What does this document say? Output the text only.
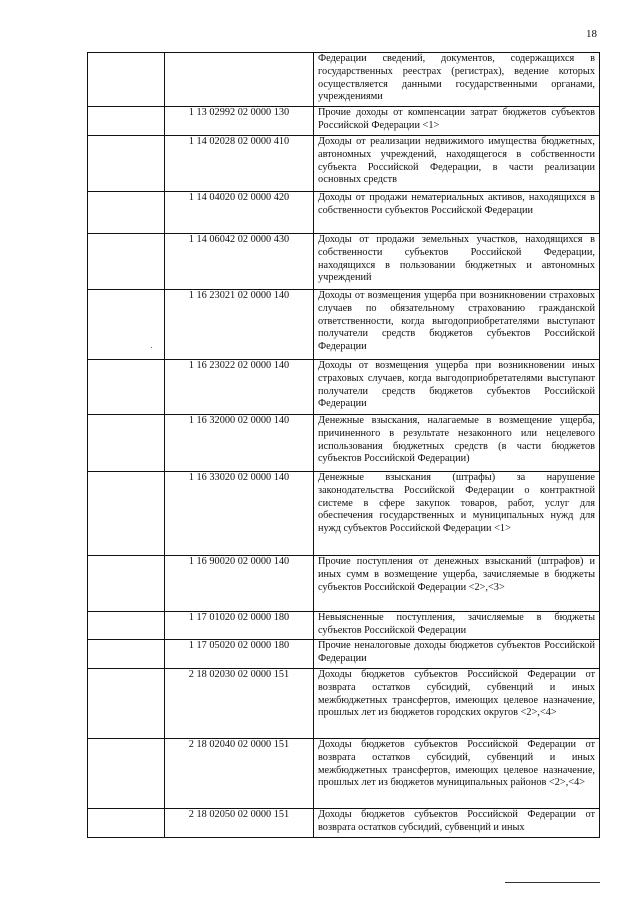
18
		Федерации сведений, документов, содержащихся в государственных реестрах (регистрах), ведение которых осуществляется данными государственными органами, учреждениями
	1 13 02992 02 0000 130	Прочие доходы от компенсации затрат бюджетов субъектов Российской Федерации <1>
	1 14 02028 02 0000 410	Доходы от реализации недвижимого имущества бюджетных, автономных учреждений, находящегося в собственности субъекта Российской Федерации, в части реализации основных средств
	1 14 04020 02 0000 420	Доходы от продажи нематериальных активов, находящихся в собственности субъектов Российской Федерации
	1 14 06042 02 0000 430	Доходы от продажи земельных участков, находящихся в собственности субъектов Российской Федерации, находящихся в пользовании бюджетных и автономных учреждений
	1 16 23021 02 0000 140	Доходы от возмещения ущерба при возникновении страховых случаев по обязательному страхованию гражданской ответственности, когда выгодоприобретателями выступают получатели средств бюджетов субъектов Российской Федерации
	1 16 23022 02 0000 140	Доходы от возмещения ущерба при возникновении иных страховых случаев, когда выгодоприобретателями выступают получатели средств бюджетов субъектов Российской Федерации
	1 16 32000 02 0000 140	Денежные взыскания, налагаемые в возмещение ущерба, причиненного в результате незаконного или нецелевого использования бюджетных средств (в части бюджетов субъектов Российской Федерации)
	1 16 33020 02 0000 140	Денежные взыскания (штрафы) за нарушение законодательства Российской Федерации о контрактной системе в сфере закупок товаров, работ, услуг для обеспечения государственных и муниципальных нужд для нужд субъектов Российской Федерации <1>
	1 16 90020 02 0000 140	Прочие поступления от денежных взысканий (штрафов) и иных сумм в возмещение ущерба, зачисляемые в бюджеты субъектов Российской Федерации <2>,<3>
	1 17 01020 02 0000 180	Невыясненные поступления, зачисляемые в бюджеты субъектов Российской Федерации
	1 17 05020 02 0000 180	Прочие неналоговые доходы бюджетов субъектов Российской Федерации
	2 18 02030 02 0000 151	Доходы бюджетов субъектов Российской Федерации от возврата остатков субсидий, субвенций и иных межбюджетных трансфертов, имеющих целевое назначение, прошлых лет из бюджетов городских округов <2>,<4>
	2 18 02040 02 0000 151	Доходы бюджетов субъектов Российской Федерации от возврата остатков субсидий, субвенций и иных межбюджетных трансфертов, имеющих целевое назначение, прошлых лет из бюджетов муниципальных районов <2>,<4>
	2 18 02050 02 0000 151	Доходы бюджетов субъектов Российской Федерации от возврата остатков субсидий, субвенций и иных
